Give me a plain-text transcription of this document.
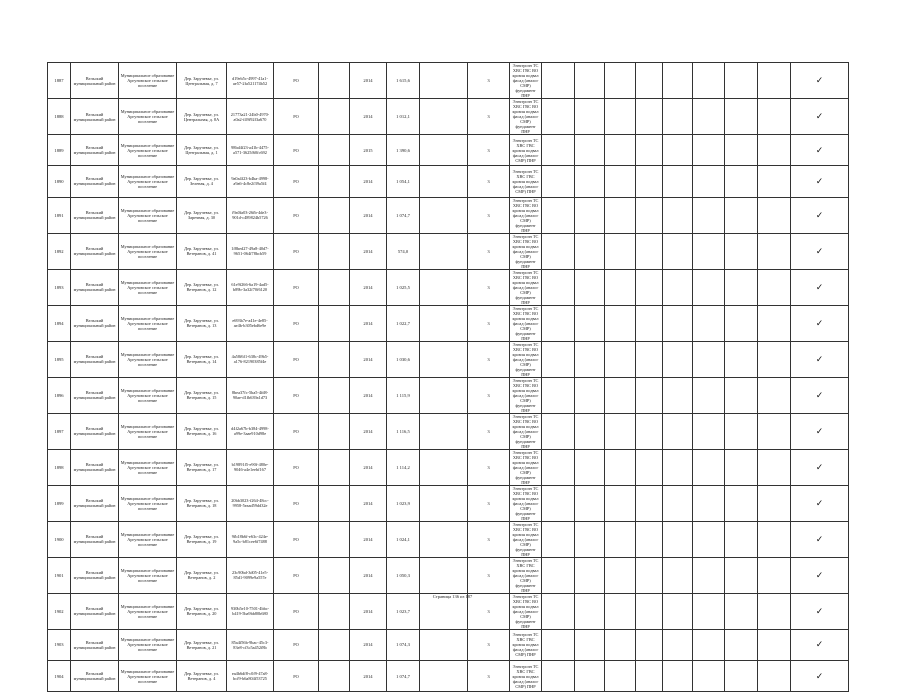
1887	Вельский муниципальный район	Муниципальное образование Аргуновское сельское поселение	Дер. Заручевье, ул. Центральная, д. 7	d19eb5c-4997-41a1-ae57-2fa521174b52	РО		2014	1 615,6		3	Электроэн ТС ХВС ГВС ВО кровля подвал фасад (аналог СМР) фундамент ПНР									✓
1888	Вельский муниципальный район	Муниципальное образование Аргуновское сельское поселение	Дер. Заручевье, ул. Центральная, д. 8А	21773a21-24b0-4970-a0a2-f49f92f3a670	РО		2014	1 012,1		3	Электроэн ТС ХВС ГВС ВО кровля подвал фасад (аналог СМР) фундамент ПНР									✓
1889	Вельский муниципальный район	Муниципальное образование Аргуновское сельское поселение	Дер. Заручевье, ул. Центральная, д. 1	98bd4f23-a41b-4475-a571-3625f60fc692	РО		2015	1 390,6		3	Электроэн ТС ХВС ГВС кровля подвал фасад (аналог СМР) ПНР									✓
1890	Вельский муниципальный район	Муниципальное образование Аргуновское сельское поселение	Дер. Заручевье, ул. Зеленая, д. 4	9a0a4f23-b4ba-4998-a9a6-4c8e2f39a5f4	РО		2014	1 054,1		3	Электроэн ТС ХВС ГВС кровля подвал фасад (аналог СМР) ПНР									✓
1891	Вельский муниципальный район	Муниципальное образование Аргуновское сельское поселение	Дер. Заручевье, ул. Заречная, д. 30	f9a0fa03-26fb-4de3-901d-c489824b5726	РО		2014	1 074,7		3	Электроэн ТС ХВС ГВС ВО кровля подвал фасад (аналог СМР) фундамент ПНР									✓
1892	Вельский муниципальный район	Муниципальное образование Аргуновское сельское поселение	Дер. Заручевье, ул. Ветеранов, д. 41	1f8bed27-49a8-40d7-9651-064f78bcb59	РО		2014	574,0		3	Электроэн ТС ХВС ГВС ВО кровля подвал фасад (аналог СМР) фундамент ПНР									✓
1893	Вельский муниципальный район	Муниципальное образование Аргуновское сельское поселение	Дер. Заручевье, ул. Ветеранов, д. 12	61e9f266-6a19-4ad5-b89b-3a32f70f6120	РО		2014	1 025,5		3	Электроэн ТС ХВС ГВС ВО кровля подвал фасад (аналог СМР) фундамент ПНР									✓
1894	Вельский муниципальный район	Муниципальное образование Аргуновское сельское поселение	Дер. Заручевье, ул. Ветеранов, д. 13	e693b7e-a41e-4e85-ae4b-b305ebd6e9e	РО		2014	1 022,7		3	Электроэн ТС ХВС ГВС ВО кровля подвал фасад (аналог СМР) фундамент ПНР									✓
1895	Вельский муниципальный район	Муниципальное образование Аргуновское сельское поселение	Дер. Заручевье, ул. Ветеранов, д. 14	4a58f6f1-638c-49b5-a176-82190385f4e	РО		2014	1 030,6		3	Электроэн ТС ХВС ГВС ВО кровля подвал фасад (аналог СМР) фундамент ПНР									✓
1896	Вельский муниципальный район	Муниципальное образование Аргуновское сельское поселение	Дер. Заручевье, ул. Ветеранов, д. 15	8bea37fc-5ba5-4fd8-90ae-d1fb639a1d73	РО		2014	1 115,9		3	Электроэн ТС ХВС ГВС ВО кровля подвал фасад (аналог СМР) фундамент ПНР									✓
1897	Вельский муниципальный район	Муниципальное образование Аргуновское сельское поселение	Дер. Заручевье, ул. Ветеранов, д. 16	d4f2a67b-b384-4998-a99e-3aae910d98e	РО		2014	1 116,5		3	Электроэн ТС ХВС ГВС ВО кровля подвал фасад (аналог СМР) фундамент ПНР									✓
1898	Вельский муниципальный район	Муниципальное образование Аргуновское сельское поселение	Дер. Заручевье, ул. Ветеранов, д. 17	b19891f5-e90f-480e-9046-a4e1eebf167	РО		2014	1 114,2		3	Электроэн ТС ХВС ГВС ВО кровля подвал фасад (аналог СМР) фундамент ПНР									✓
1899	Вельский муниципальный район	Муниципальное образование Аргуновское сельское поселение	Дер. Заручевье, ул. Ветеранов, д. 18	20bb3023-f264-48cc-9958-5eaad59dd32e	РО		2014	1 023,9		3	Электроэн ТС ХВС ГВС ВО кровля подвал фасад (аналог СМР) фундамент ПНР									✓
1900	Вельский муниципальный район	Муниципальное образование Аргуновское сельское поселение	Дер. Заручевье, ул. Ветеранов, д. 19	9fb18b6f-e63c-424e-9a5c-b81cee6f7488	РО		2014	1 024,1		3	Электроэн ТС ХВС ГВС ВО кровля подвал фасад (аналог СМР) фундамент ПНР									✓
1901	Вельский муниципальный район	Муниципальное образование Аргуновское сельское поселение	Дер. Заручевье, ул. Ветеранов, д. 2	23c90bd-3d05-41e5-85d1-9099e9a557e	РО		2014	1 050,3		3	Электроэн ТС ХВС ГВС кровля подвал фасад (аналог СМР) фундамент ПНР									✓
1902	Вельский муниципальный район	Муниципальное образование Аргуновское сельское поселение	Дер. Заручевье, ул. Ветеранов, д. 20	930b5e10-7501-4bbc-b419-5ba9bb80b680	РО		2014	1 023,7		3	Электроэн ТС ХВС ГВС ВО кровля подвал фасад (аналог СМР) фундамент ПНР									✓
1903	Вельский муниципальный район	Муниципальное образование Аргуновское сельское поселение	Дер. Заручевье, ул. Ветеранов, д. 21	85a4f56b-9bac-45c3-83e8-cf3c5a452f8b	РО		2014	1 074,3		3	Электроэн ТС ХВС ГВС кровля подвал фасад (аналог СМР) ПНР									✓
1904	Вельский муниципальный район	Муниципальное образование Аргуновское сельское поселение	Дер. Заручевье, ул. Ветеранов, д. 4	ea4b6df8-c0f9-47a8-bcf9-b6a804f53725	РО		2014	1 074,7		3	Электроэн ТС ХВС ГВС кровля подвал фасад (аналог СМР) ПНР									✓
Страница 136 из 187
